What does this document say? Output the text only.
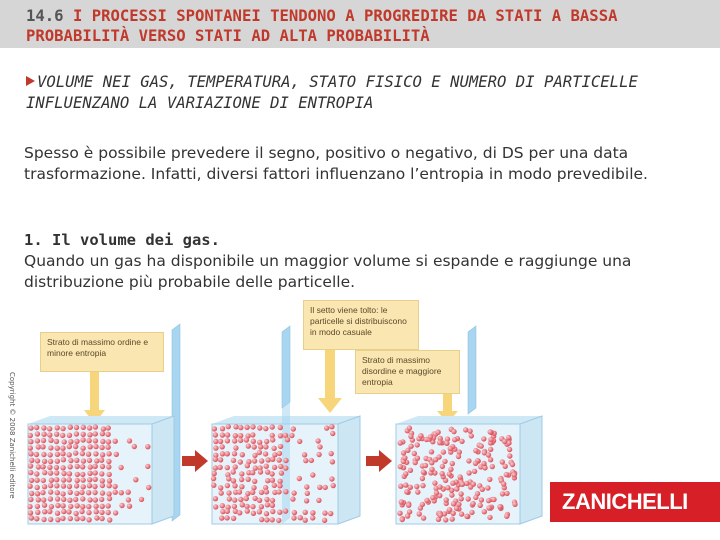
14.6 I PROCESSI SPONTANEI TENDONO A PROGREDIRE DA STATI A BASSA PROBABILITÀ VERSO STATI AD ALTA PROBABILITÀ
VOLUME NEI GAS, TEMPERATURA, STATO FISICO E NUMERO DI PARTICELLE INFLUENZANO LA VARIAZIONE DI ENTROPIA
Spesso è possibile prevedere il segno, positivo o negativo, di DS per una data trasformazione. Infatti, diversi fattori influenzano l’entropia in modo prevedibile.
1. Il volume dei gas.
Quando un gas ha disponibile un maggior volume si espande e raggiunge una distribuzione più probabile delle particelle.
Strato di massimo ordine e minore entropia
Il setto viene tolto: le particelle si distribuiscono in modo casuale
Strato di massimo disordine e maggiore entropia
Copyright © 2008 Zanichelli editore
ZANICHELLI
